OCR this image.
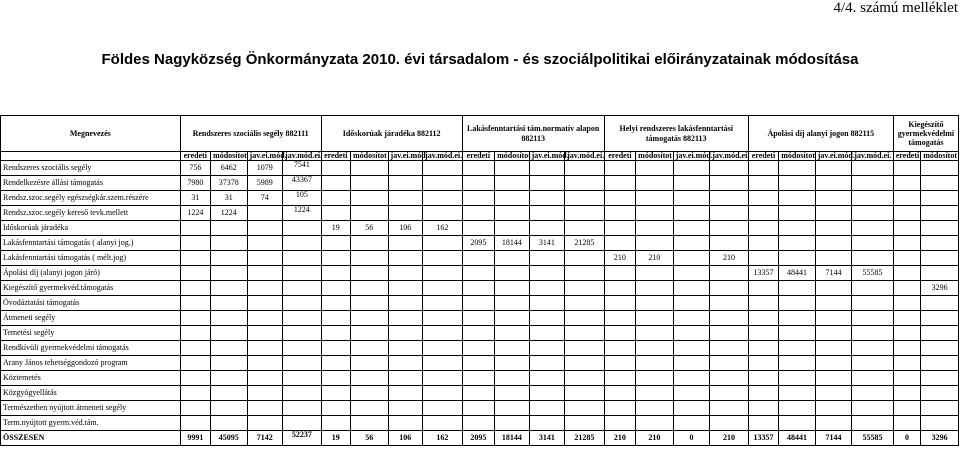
4/4. számú melléklet
Földes Nagyközség Önkormányzata 2010. évi társadalom - és szociálpolitikai előirányzatainak módosítása
Megnevezés	Rendszeres szociális segély 882111				Időskorúak járadéka 882112				Lakásfenntartási tám.normatív alapon 882113				Helyi rendszeres lakásfenntartási támogatás 882113				Ápolási díj alanyi jogon 882115				Kiegészítő gyermekvédelmi támogatás	
	eredeti	módosítot	jav.ei.mód.	jav.mód.ei.	eredeti	módosítot	jav.ei.mód.	jav.mód.ei.	eredeti	módosítot	jav.ei.mód.	jav.mód.ei.	eredeti	módosítot	jav.ei.mód.	jav.mód.ei.	eredeti	módosítot	jav.ei.mód.	jav.mód.ei.	eredeti	módosítot
Rendszeres szociális segély	756	6462	1079	7541																		
Rendelkezésre állási támogatás	7980	37378	5989	43367																		
Rendsz.szoc.segély egészségkár.szem.részére	31	31	74	105																		
Rendsz.szoc.segély kereső tevk.mellett	1224	1224		1224																		
Időskorúak járadéka					19	56	106	162														
Lakásfenntartási támogatás ( alanyi jog.)									2095	18144	3141	21285										
Lakásfenntartási támogatás ( mélt.jog)													210	210		210						
Ápolási díj (alanyi jogon járó)																	13357	48441	7144	55585		
Kiegészítő gyermekvéd.támogatás																						3296
Óvodáztatási támogatás																						
Átmeneti segély																						
Temetési segély																						
Rendkívüli gyermekvédelmi támogatás																						
Arany János tehetséggondozó program																						
Köztemetés																						
Közgyógyellátás																						
Természetben nyújtott átmeneti segély																						
Term.nyújtott gyerm.véd.tám.																						
ÖSSZESEN	9991	45095	7142	52237	19	56	106	162	2095	18144	3141	21285	210	210	0	210	13357	48441	7144	55585	0	3296
